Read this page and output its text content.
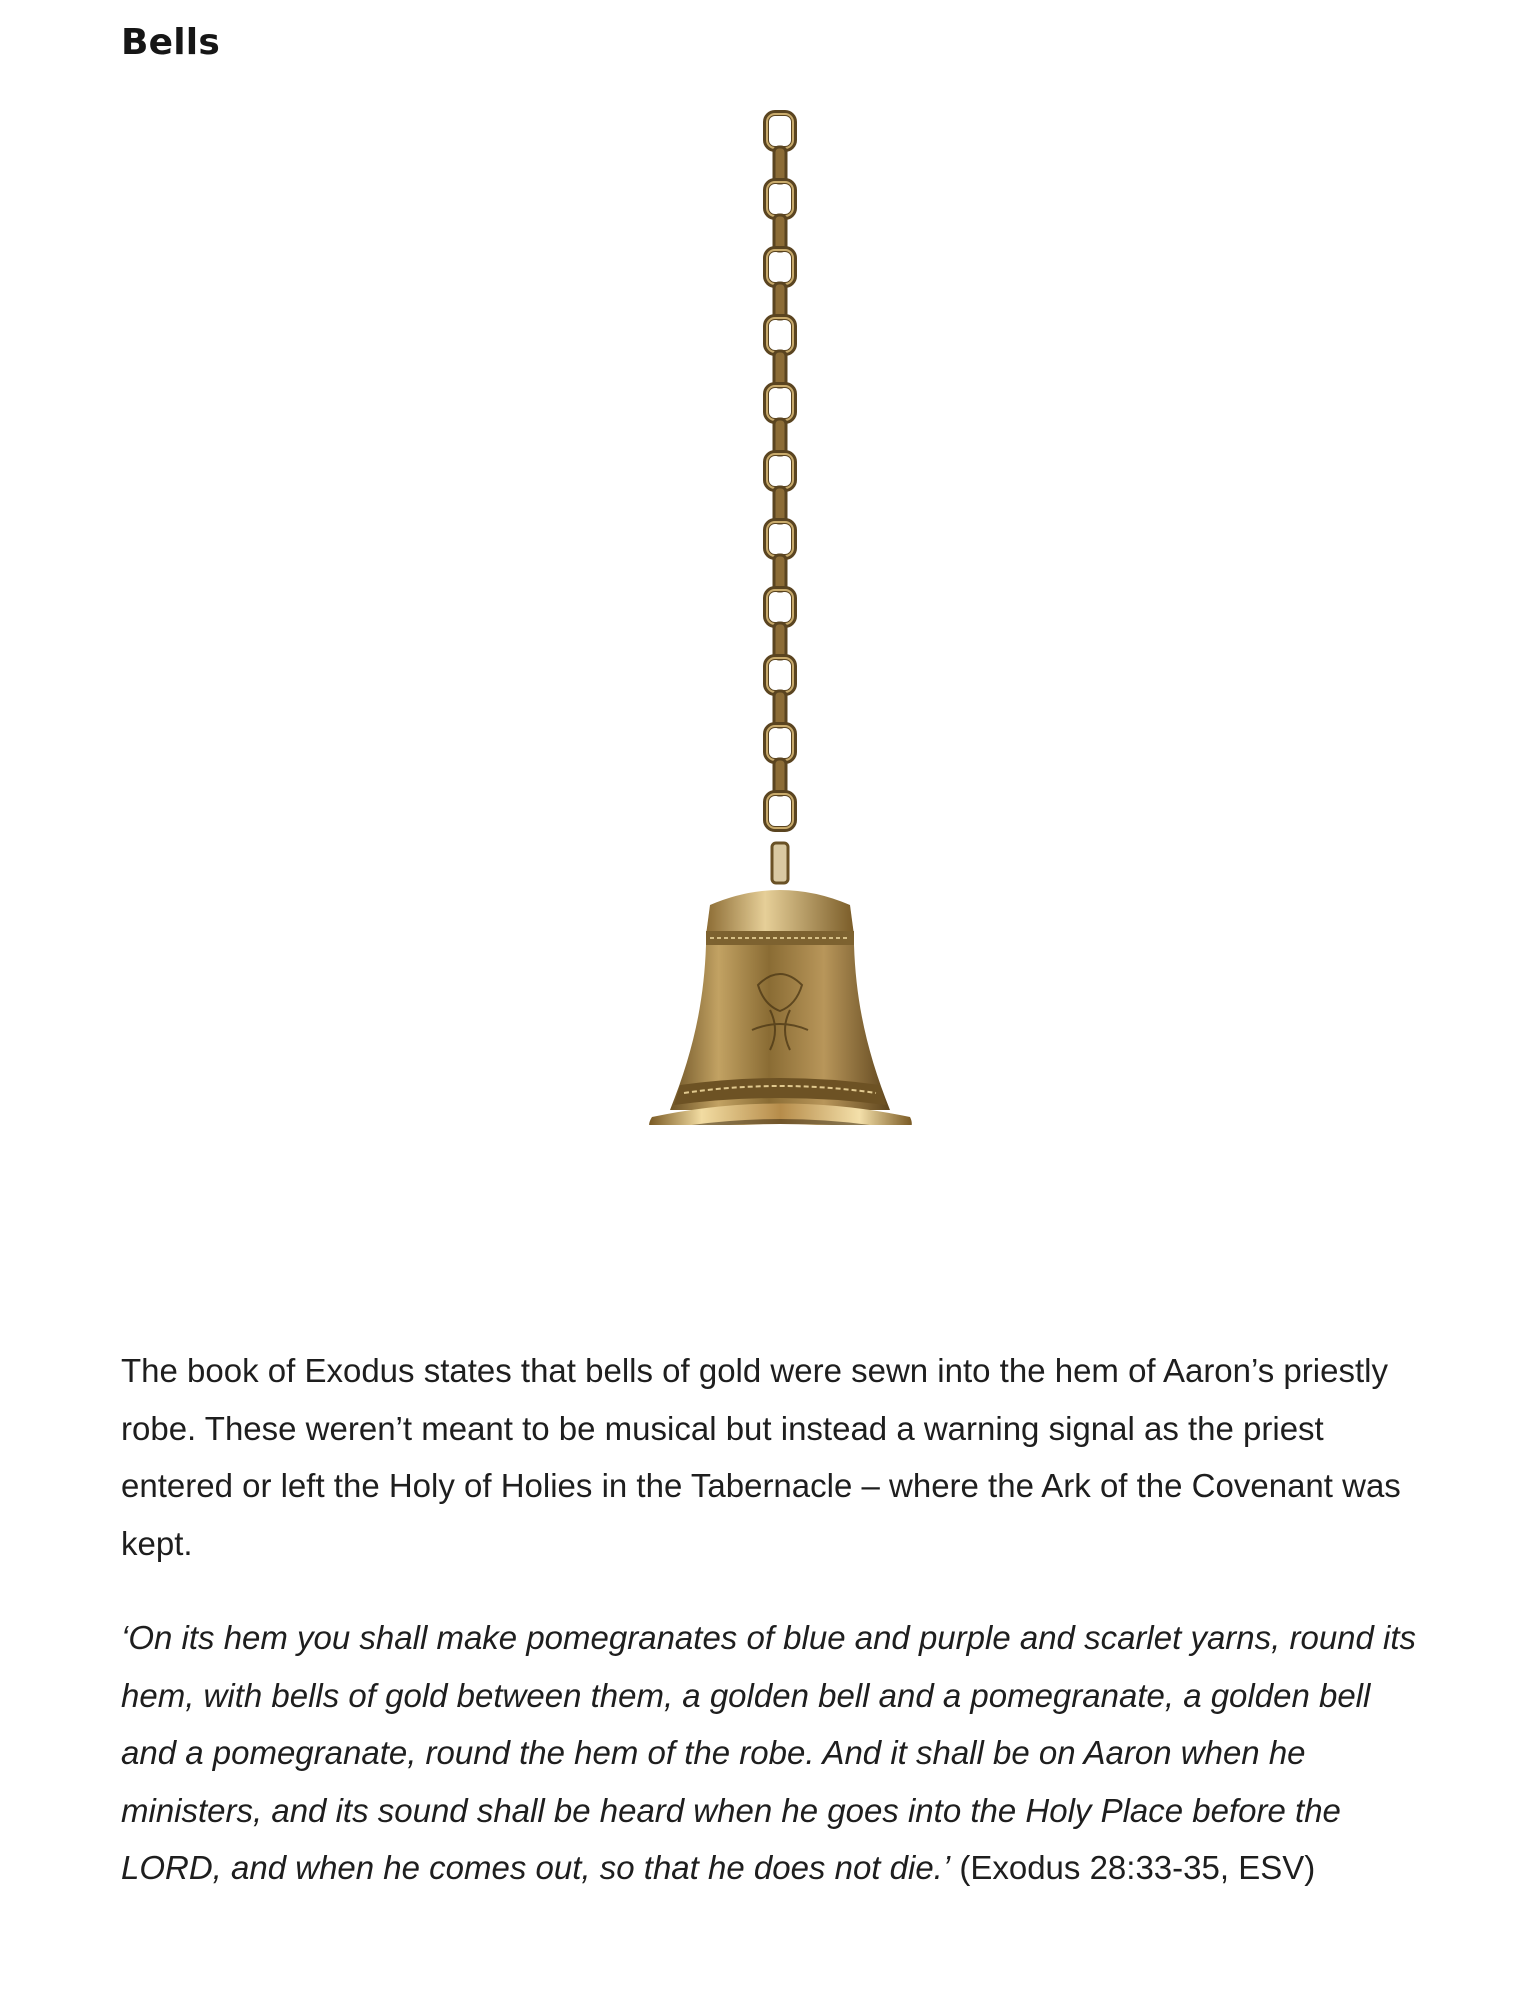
Bells

The book of Exodus states that bells of gold were sewn into the hem of Aaron’s priestly robe. These weren’t meant to be musical but instead a warning signal as the priest entered or left the Holy of Holies in the Tabernacle – where the Ark of the Covenant was kept.

‘On its hem you shall make pomegranates of blue and purple and scarlet yarns, round its hem, with bells of gold between them, a golden bell and a pomegranate, a golden bell and a pomegranate, round the hem of the robe. And it shall be on Aaron when he ministers, and its sound shall be heard when he goes into the Holy Place before the LORD, and when he comes out, so that he does not die.’ (Exodus 28:33-35, ESV)
